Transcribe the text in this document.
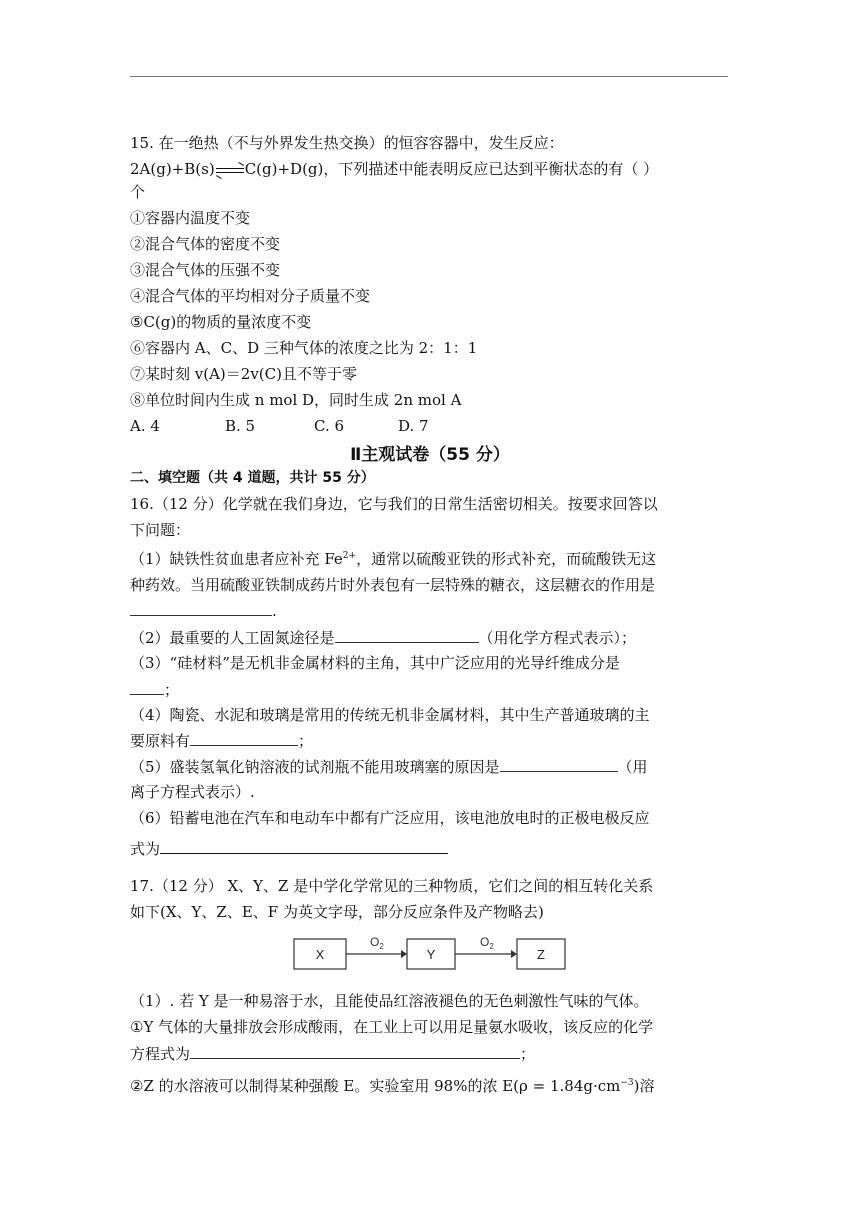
15. 在一绝热（不与外界发生热交换）的恒容容器中，发生反应：
2A(g)+B(s)→C(g)+D(g)，下列描述中能表明反应已达到平衡状态的有（ ）
个
①容器内温度不变
②混合气体的密度不变
③混合气体的压强不变
④混合气体的平均相对分子质量不变
⑤C(g)的物质的量浓度不变
⑥容器内 A、C、D 三种气体的浓度之比为 2：1：1
⑦某时刻 v(A)＝2v(C)且不等于零
⑧单位时间内生成 n mol D，同时生成 2n mol A
A. 4	B. 5	C. 6	D. 7
Ⅱ主观试卷（55 分）
二、填空题（共 4 道题，共计 55 分）
16.（12 分）化学就在我们身边，它与我们的日常生活密切相关。按要求回答以
下问题：
（1）缺铁性贫血患者应补充 $Fe^{2+}$，通常以硫酸亚铁的形式补充，而硫酸铁无这
种药效。当用硫酸亚铁制成药片时外表包有一层特殊的糖衣，这层糖衣的作用是
.
（2）最重要的人工固氮途径是	（用化学方程式表示）；
（3）“硅材料”是无机非金属材料的主角，其中广泛应用的光导纤维成分是
；
（4）陶瓷、水泥和玻璃是常用的传统无机非金属材料，其中生产普通玻璃的主
要原料有	；
（5）盛装氢氧化钠溶液的试剂瓶不能用玻璃塞的原因是	（用
离子方程式表示）.
（6）铅蓄电池在汽车和电动车中都有广泛应用，该电池放电时的正极电极反应
式为
17.（12 分） X、Y、Z 是中学化学常见的三种物质，它们之间的相互转化关系
如下(X、Y、Z、E、F 为英文字母，部分反应条件及产物略去)
X
$O_2$
Y
$O_2$
Z
（1）. 若 Y 是一种易溶于水，且能使品红溶液褪色的无色刺激性气味的气体。
①Y 气体的大量排放会形成酸雨，在工业上可以用足量氨水吸收，该反应的化学
方程式为	；
②Z 的水溶液可以制得某种强酸 E。实验室用 98%的浓 $E(\rho = 1.84g\cdot cm^{-3})$溶
